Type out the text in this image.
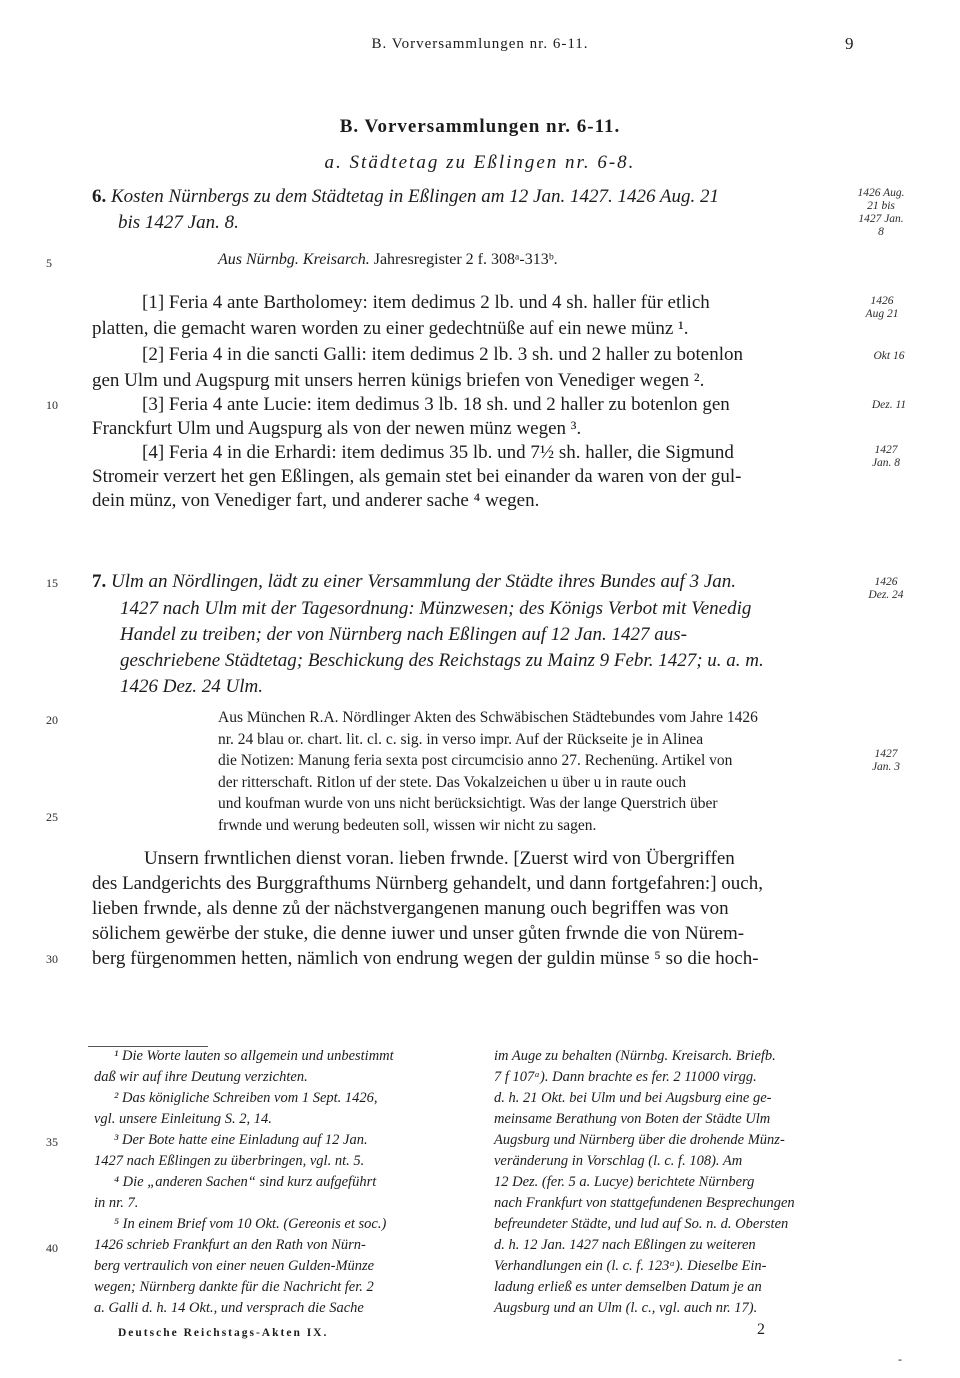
B. Vorversammlungen nr. 6-11.	9
B. Vorversammlungen nr. 6-11.
a. Städtetag zu Eßlingen nr. 6-8.
6. Kosten Nürnbergs zu dem Städtetag in Eßlingen am 12 Jan. 1427. 1426 Aug. 21
bis 1427 Jan. 8.
Aus Nürnbg. Kreisarch. Jahresregister 2 f. 308ᵃ-313ᵇ.
[1] Feria 4 ante Bartholomey: item dedimus 2 lb. und 4 sh. haller für etlich
platten, die gemacht waren worden zu einer gedechtnüße auf ein newe münz ¹.
[2] Feria 4 in die sancti Galli: item dedimus 2 lb. 3 sh. und 2 haller zu botenlon
gen Ulm und Augspurg mit unsers herren künigs briefen von Venediger wegen ².
[3] Feria 4 ante Lucie: item dedimus 3 lb. 18 sh. und 2 haller zu botenlon gen
Franckfurt Ulm und Augspurg als von der newen münz wegen ³.
[4] Feria 4 in die Erhardi: item dedimus 35 lb. und 7½ sh. haller, die Sigmund
Stromeir verzert het gen Eßlingen, als gemain stet bei einander da waren von der gul-
dein münz, von Venediger fart, und anderer sache ⁴ wegen.
7. Ulm an Nördlingen, lädt zu einer Versammlung der Städte ihres Bundes auf 3 Jan.
1427 nach Ulm mit der Tagesordnung: Münzwesen; des Königs Verbot mit Venedig
Handel zu treiben; der von Nürnberg nach Eßlingen auf 12 Jan. 1427 aus-
geschriebene Städtetag; Beschickung des Reichstags zu Mainz 9 Febr. 1427; u. a. m.
1426 Dez. 24 Ulm.
Aus München R.A. Nördlinger Akten des Schwäbischen Städtebundes vom Jahre 1426
nr. 24 blau or. chart. lit. cl. c. sig. in verso impr. Auf der Rückseite je in Alinea
die Notizen: Manung feria sexta post circumcisio anno 27. Rechenüng. Artikel von
der ritterschaft. Ritlon uf der stete. Das Vokalzeichen u über u in raute ouch
und koufman wurde von uns nicht berücksichtigt. Was der lange Querstrich über
frwnde und werung bedeuten soll, wissen wir nicht zu sagen.
Unsern frwntlichen dienst voran. lieben frwnde. [Zuerst wird von Übergriffen
des Landgerichts des Burggrafthums Nürnberg gehandelt, und dann fortgefahren:] ouch,
lieben frwnde, als denne zů der nächstvergangenen manung ouch begriffen was von
sölichem gewërbe der stuke, die denne iuwer und unser gůten frwnde die von Nürem-
berg fürgenommen hetten, nämlich von endrung wegen der guldin münse ⁵ so die hoch-
1426 Aug. 21 bis 1427 Jan. 8
1426 Aug 21
Okt 16
Dez. 11
1427 Jan. 8
1426 Dez. 24
1427 Jan. 3
5
10
15
20
25
30
35
40
¹ Die Worte lauten so allgemein und unbestimmt
daß wir auf ihre Deutung verzichten.
² Das königliche Schreiben vom 1 Sept. 1426,
vgl. unsere Einleitung S. 2, 14.
³ Der Bote hatte eine Einladung auf 12 Jan.
1427 nach Eßlingen zu überbringen, vgl. nt. 5.
⁴ Die „anderen Sachen“ sind kurz aufgeführt
in nr. 7.
⁵ In einem Brief vom 10 Okt. (Gereonis et soc.)
1426 schrieb Frankfurt an den Rath von Nürn-
berg vertraulich von einer neuen Gulden-Münze
wegen; Nürnberg dankte für die Nachricht fer. 2
a. Galli d. h. 14 Okt., und versprach die Sache
im Auge zu behalten (Nürnbg. Kreisarch. Briefb.
7 f 107ᵃ). Dann brachte es fer. 2 11000 virgg.
d. h. 21 Okt. bei Ulm und bei Augsburg eine ge-
meinsame Berathung von Boten der Städte Ulm
Augsburg und Nürnberg über die drohende Münz-
veränderung in Vorschlag (l. c. f. 108). Am
12 Dez. (fer. 5 a. Lucye) berichtete Nürnberg
nach Frankfurt von stattgefundenen Besprechungen
befreundeter Städte, und lud auf So. n. d. Obersten
d. h. 12 Jan. 1427 nach Eßlingen zu weiteren
Verhandlungen ein (l. c. f. 123ᵃ). Dieselbe Ein-
ladung erließ es unter demselben Datum je an
Augsburg und an Ulm (l. c., vgl. auch nr. 17).
Deutsche Reichstags-Akten IX.	2
-
